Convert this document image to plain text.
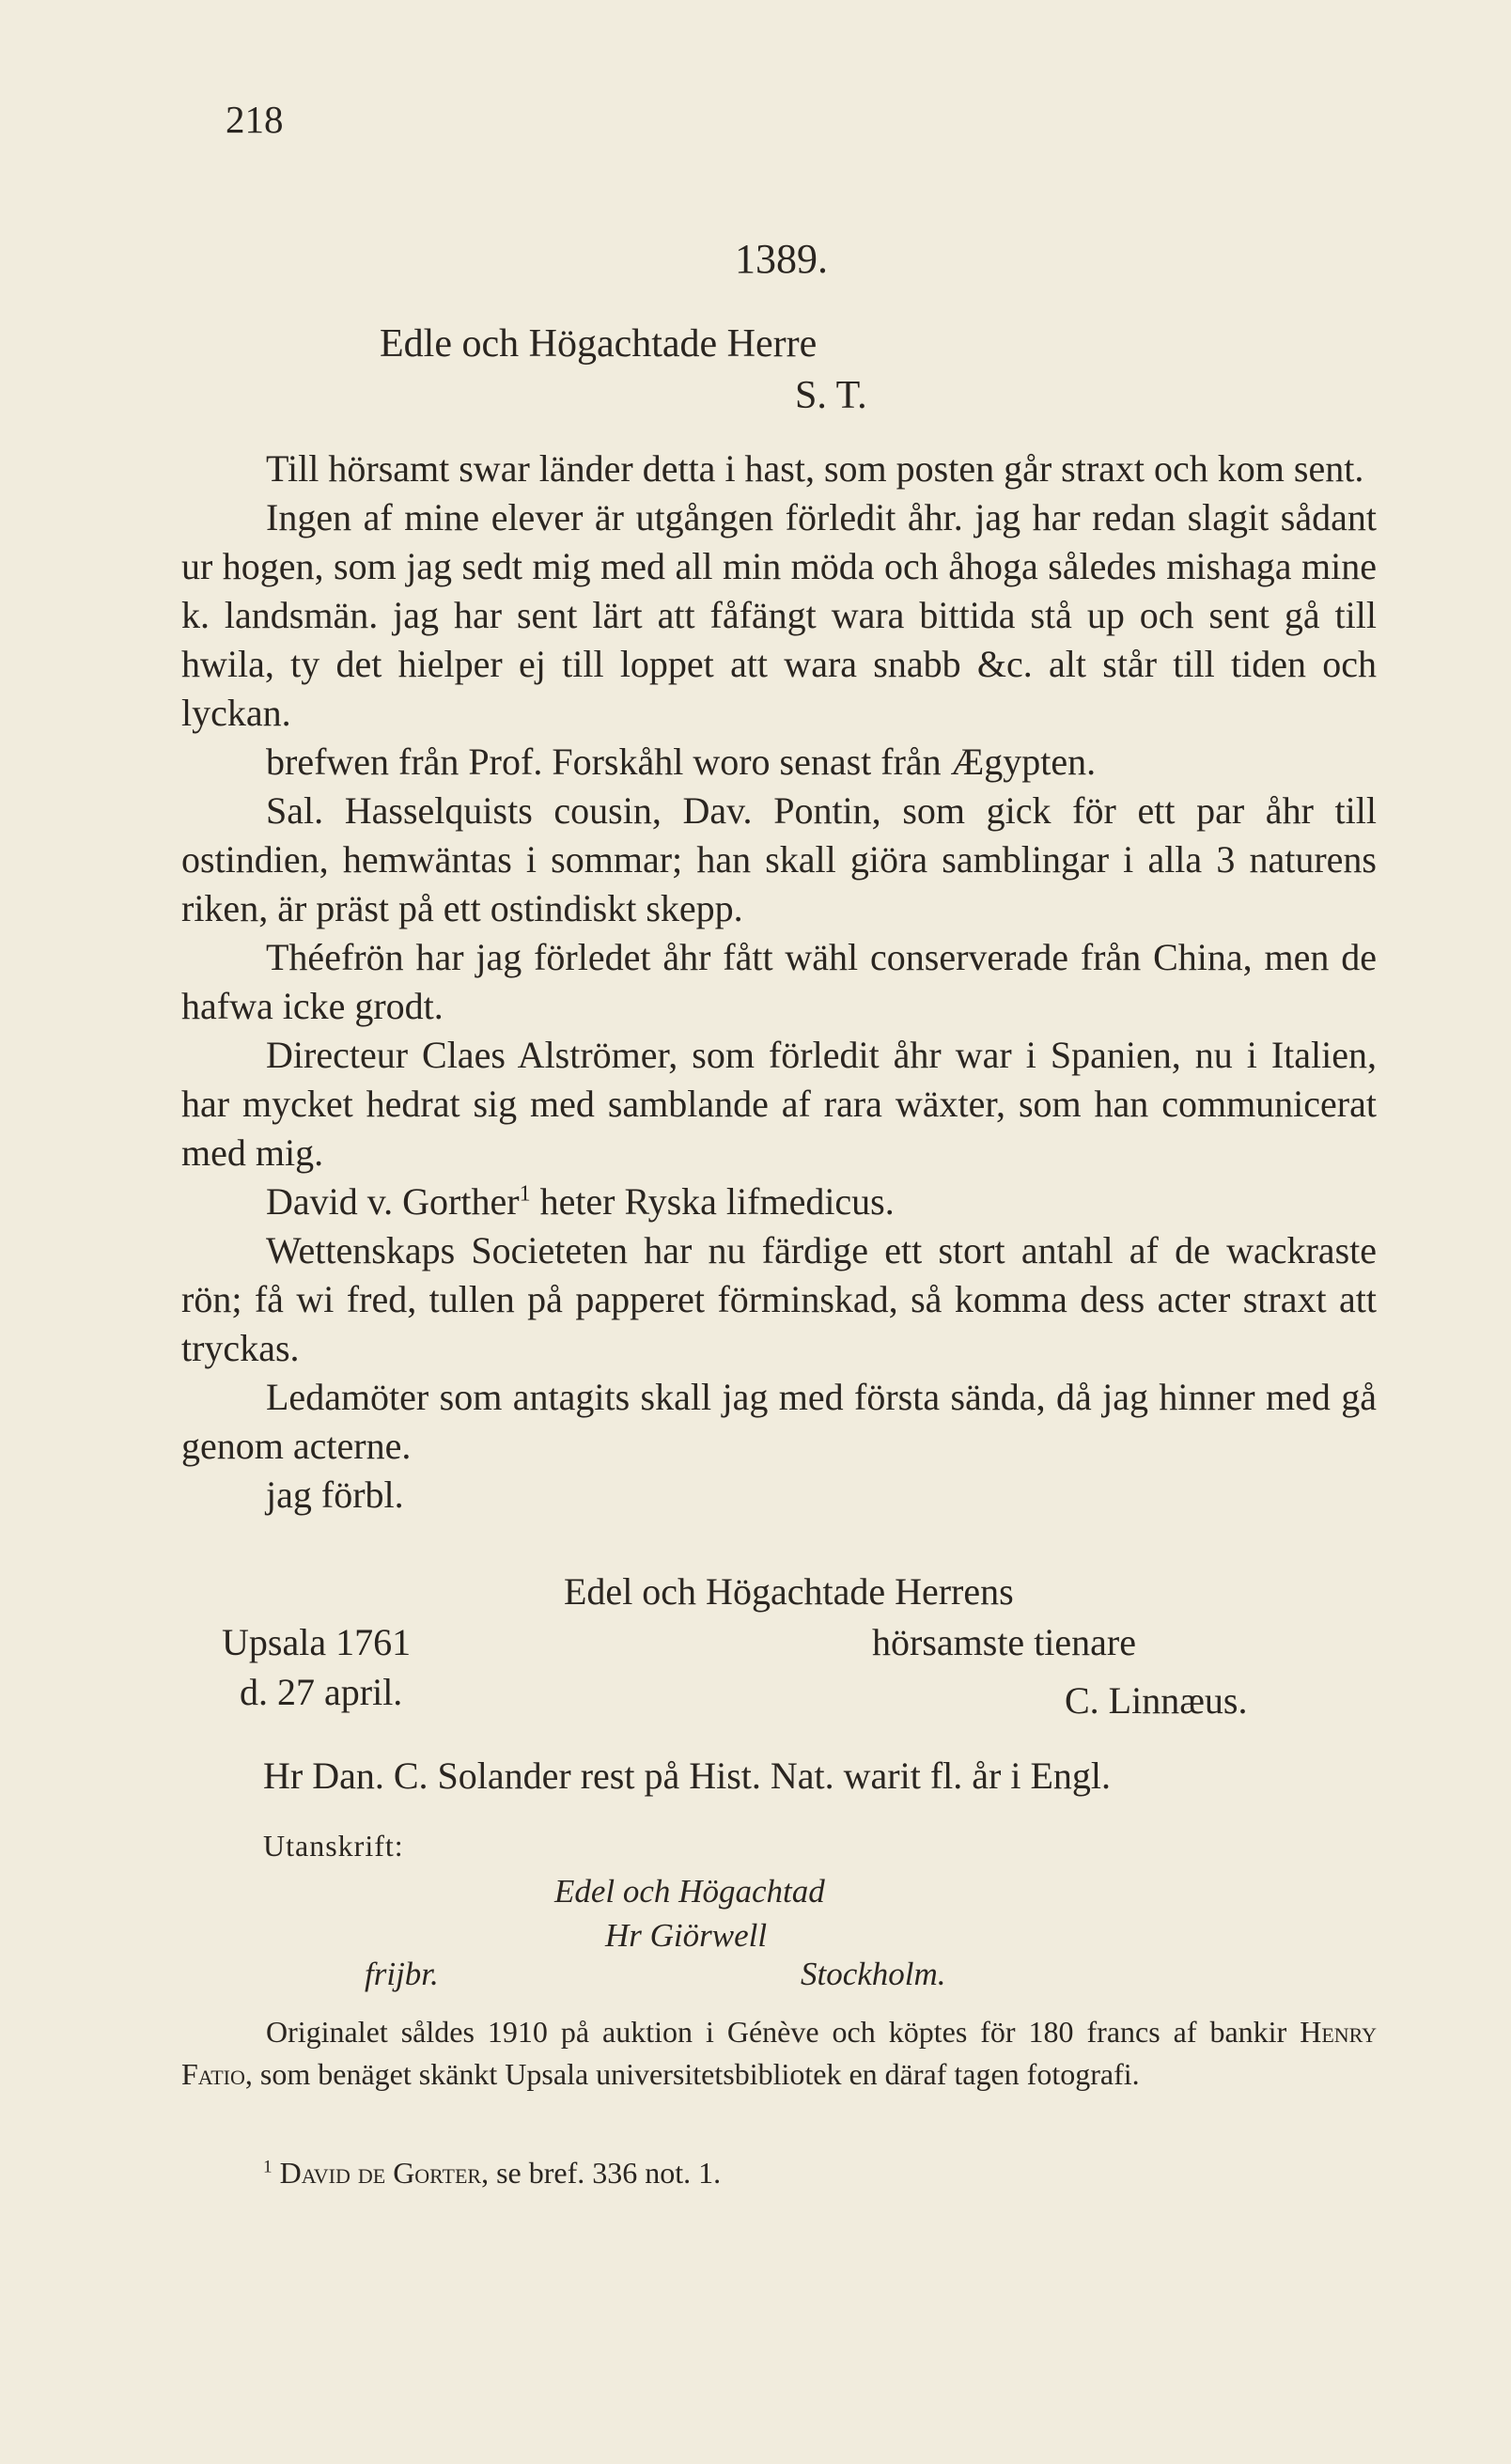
218
1389.
Edle och Högachtade Herre
S. T.

Till hörsamt swar länder detta i hast, som posten går straxt och kom sent.

Ingen af mine elever är utgången förledit åhr. jag har redan slagit sådant ur hogen, som jag sedt mig med all min möda och åhoga således mishaga mine k. landsmän. jag har sent lärt att fåfängt wara bittida stå up och sent gå till hwila, ty det hielper ej till loppet att wara snabb &c. alt står till tiden och lyckan.

brefwen från Prof. Forskåhl woro senast från Ægypten.

Sal. Hasselquists cousin, Dav. Pontin, som gick för ett par åhr till ostindien, hemwäntas i sommar; han skall giöra samblingar i alla 3 naturens riken, är präst på ett ostindiskt skepp.

Théefrön har jag förledet åhr fått wähl conserverade från China, men de hafwa icke grodt.

Directeur Claes Alströmer, som förledit åhr war i Spanien, nu i Italien, har mycket hedrat sig med samblande af rara wäxter, som han communicerat med mig.

David v. Gorther$^1$ heter Ryska lifmedicus.

Wettenskaps Societeten har nu färdige ett stort antahl af de wackraste rön; få wi fred, tullen på papperet förminskad, så komma dess acter straxt att tryckas.

Ledamöter som antagits skall jag med första sända, då jag hinner med gå genom acterne.

jag förbl.

Edel och Högachtade Herrens
Upsala 1761	hörsamste tienare
d. 27 april.	C. Linnæus.
Hr Dan. C. Solander rest på Hist. Nat. warit fl. år i Engl.
Utanskrift:
Edel och Högachtad
Hr Giörwell
frijbr.	Stockholm.

Originalet såldes 1910 på auktion i Génève och köptes för 180 francs af bankir Henry Fatio, som benäget skänkt Upsala universitetsbibliotek en däraf tagen fotografi.

$^1$ David de Gorter, se bref. 336 not. 1.
